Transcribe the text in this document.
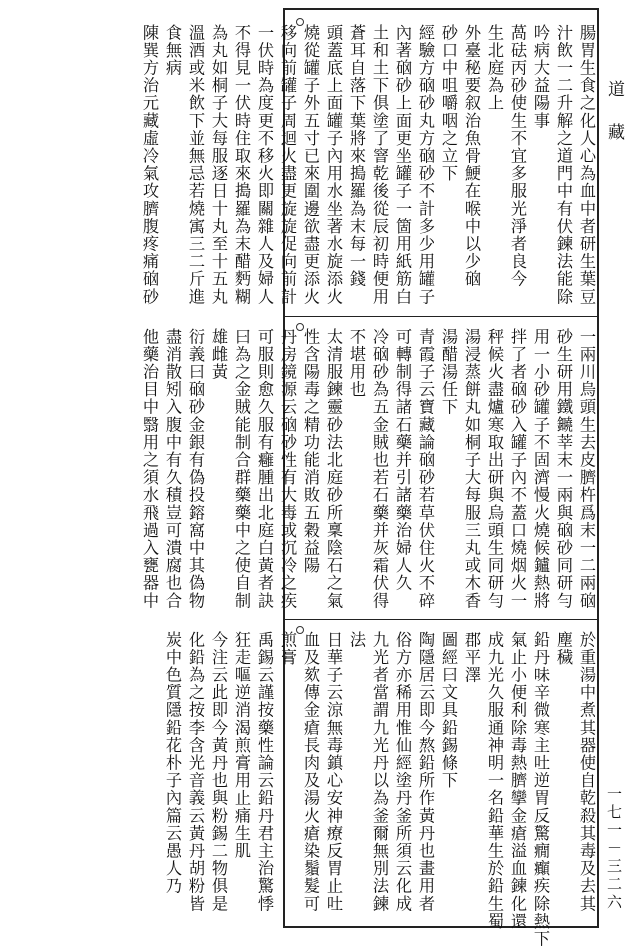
道藏
一七一－三二六
腸胃生食之化人心為血中者研生葉豆
汁飲一二升解之道門中有伏鍊法能除
吟病大益陽事
萵砝丙砂使生不宜多服光淨者良今
生北庭為上
外臺秘要叙治魚骨鯁在喉中以少硇
砂口中咀嚼咽之立下
經驗方硇砂丸方硇砂不計多少用罐子
內著硇砂上面更坐罐子一箇用紙筋白
土和土下俱塗了窨乾後從辰初時便用
蒼耳自落下葉將來搗羅為末每一錢
頭蓋底上面罐子內用水坐著水旋添火
燒從罐子外五寸已來圍邊欲盡更添火
移向前罐子周迴火盡更旋旋促向前計
一伏時為度更不移火即關雜人及婦人
不得見一伏時住取來搗羅為末醋麪糊
為丸如桐子大每服逐日十丸至十五丸
溫酒或米飲下並無忌若燒㝢三二斤進
食無病
陳巽方治元藏虛冷氣攻臍腹疼痛硇砂
一兩川烏頭生去皮臍杵爲末一二兩硇
砂生研用鐵䥵莘末一兩與硇砂同研勻
用一小砂罐子不固濟慢火燒候鑪熱將
拌了者硇砂入罐子內不蓋口燒烟火一
秤候火盡爐寒取出研與烏頭生同研勻
湯浸蒸餅丸如桐子大每服三丸或木香
湯醋湯任下
青霞子云寶藏論硇砂若草伏住火不碎
可轉制得諸石藥并引諸藥治婦人久
冷硇砂為五金賊也若石藥并灰霜伏得
不堪用也
太清服鍊靈砂法北庭砂所稟陰石之氣
性含陽毒之精功能消敗五穀益陽
丹房鏡源云硇砂性有大毒或沉冷之疾
可服則愈久服有癰腫出北庭白黃者訣
曰為之金賊能制合群藥藥中之使自制
雄雌黃
衍義曰硇砂金銀有偽投鎔窩中其偽物
盡消散矧入腹中有久積豈可潰腐也合
他藥治目中翳用之須水飛過入甕器中
於重湯中煮其器使自乾殺其毒及去其
塵穢
鉛丹味辛微寒主吐逆胃反驚癇癲疾除熱下
氣止小便利除毒熱臍攣金瘡溢血鍊化還
成九光久服通神明一名鉛華生於鉛生蜀
郡平澤
圖經曰文具鉛錫條下
陶隱居云即今熬鉛所作黃丹也畫用者
俗方亦稀用惟仙經塗丹釜所須云化成
九光者當謂九光丹以為釜爾無別法鍊
法
日華子云涼無毒鎮心安神療反胃止吐
血及欬傳金瘡長肉及湯火瘡染鬚髮可
煎膏
禹錫云謹按藥性論云鉛丹君主治驚悸
狂走嘔逆消渴煎膏用止痛生肌
今注云此即今黃丹也與粉錫二物俱是
化鉛為之按李含光音義云黃丹胡粉皆
炭中色質隱鉛花朴子內篇云愚人乃
